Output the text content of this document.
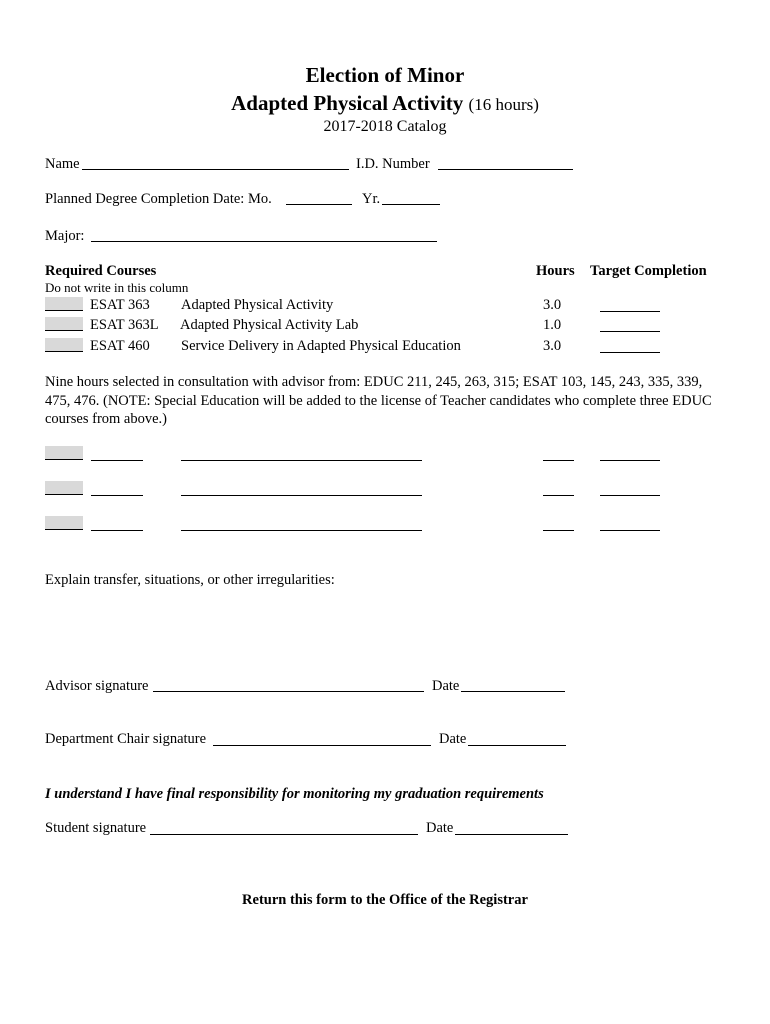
Election of Minor
Adapted Physical Activity (16 hours)
2017-2018 Catalog
Name	I.D. Number
Planned Degree Completion Date: Mo.	Yr.
Major:
Required Courses
Do not write in this column
Hours Target Completion
ESAT 363 Adapted Physical Activity	3.0
ESAT 363L Adapted Physical Activity Lab	1.0
ESAT 460 Service Delivery in Adapted Physical Education	3.0
Nine hours selected in consultation with advisor from: EDUC 211, 245, 263, 315; ESAT 103, 145, 243, 335, 339, 475, 476. (NOTE: Special Education will be added to the license of Teacher candidates who complete three EDUC courses from above.)
Explain transfer, situations, or other irregularities:
Advisor signature	Date
Department Chair signature	Date
I understand I have final responsibility for monitoring my graduation requirements
Student signature	Date
Return this form to the Office of the Registrar
